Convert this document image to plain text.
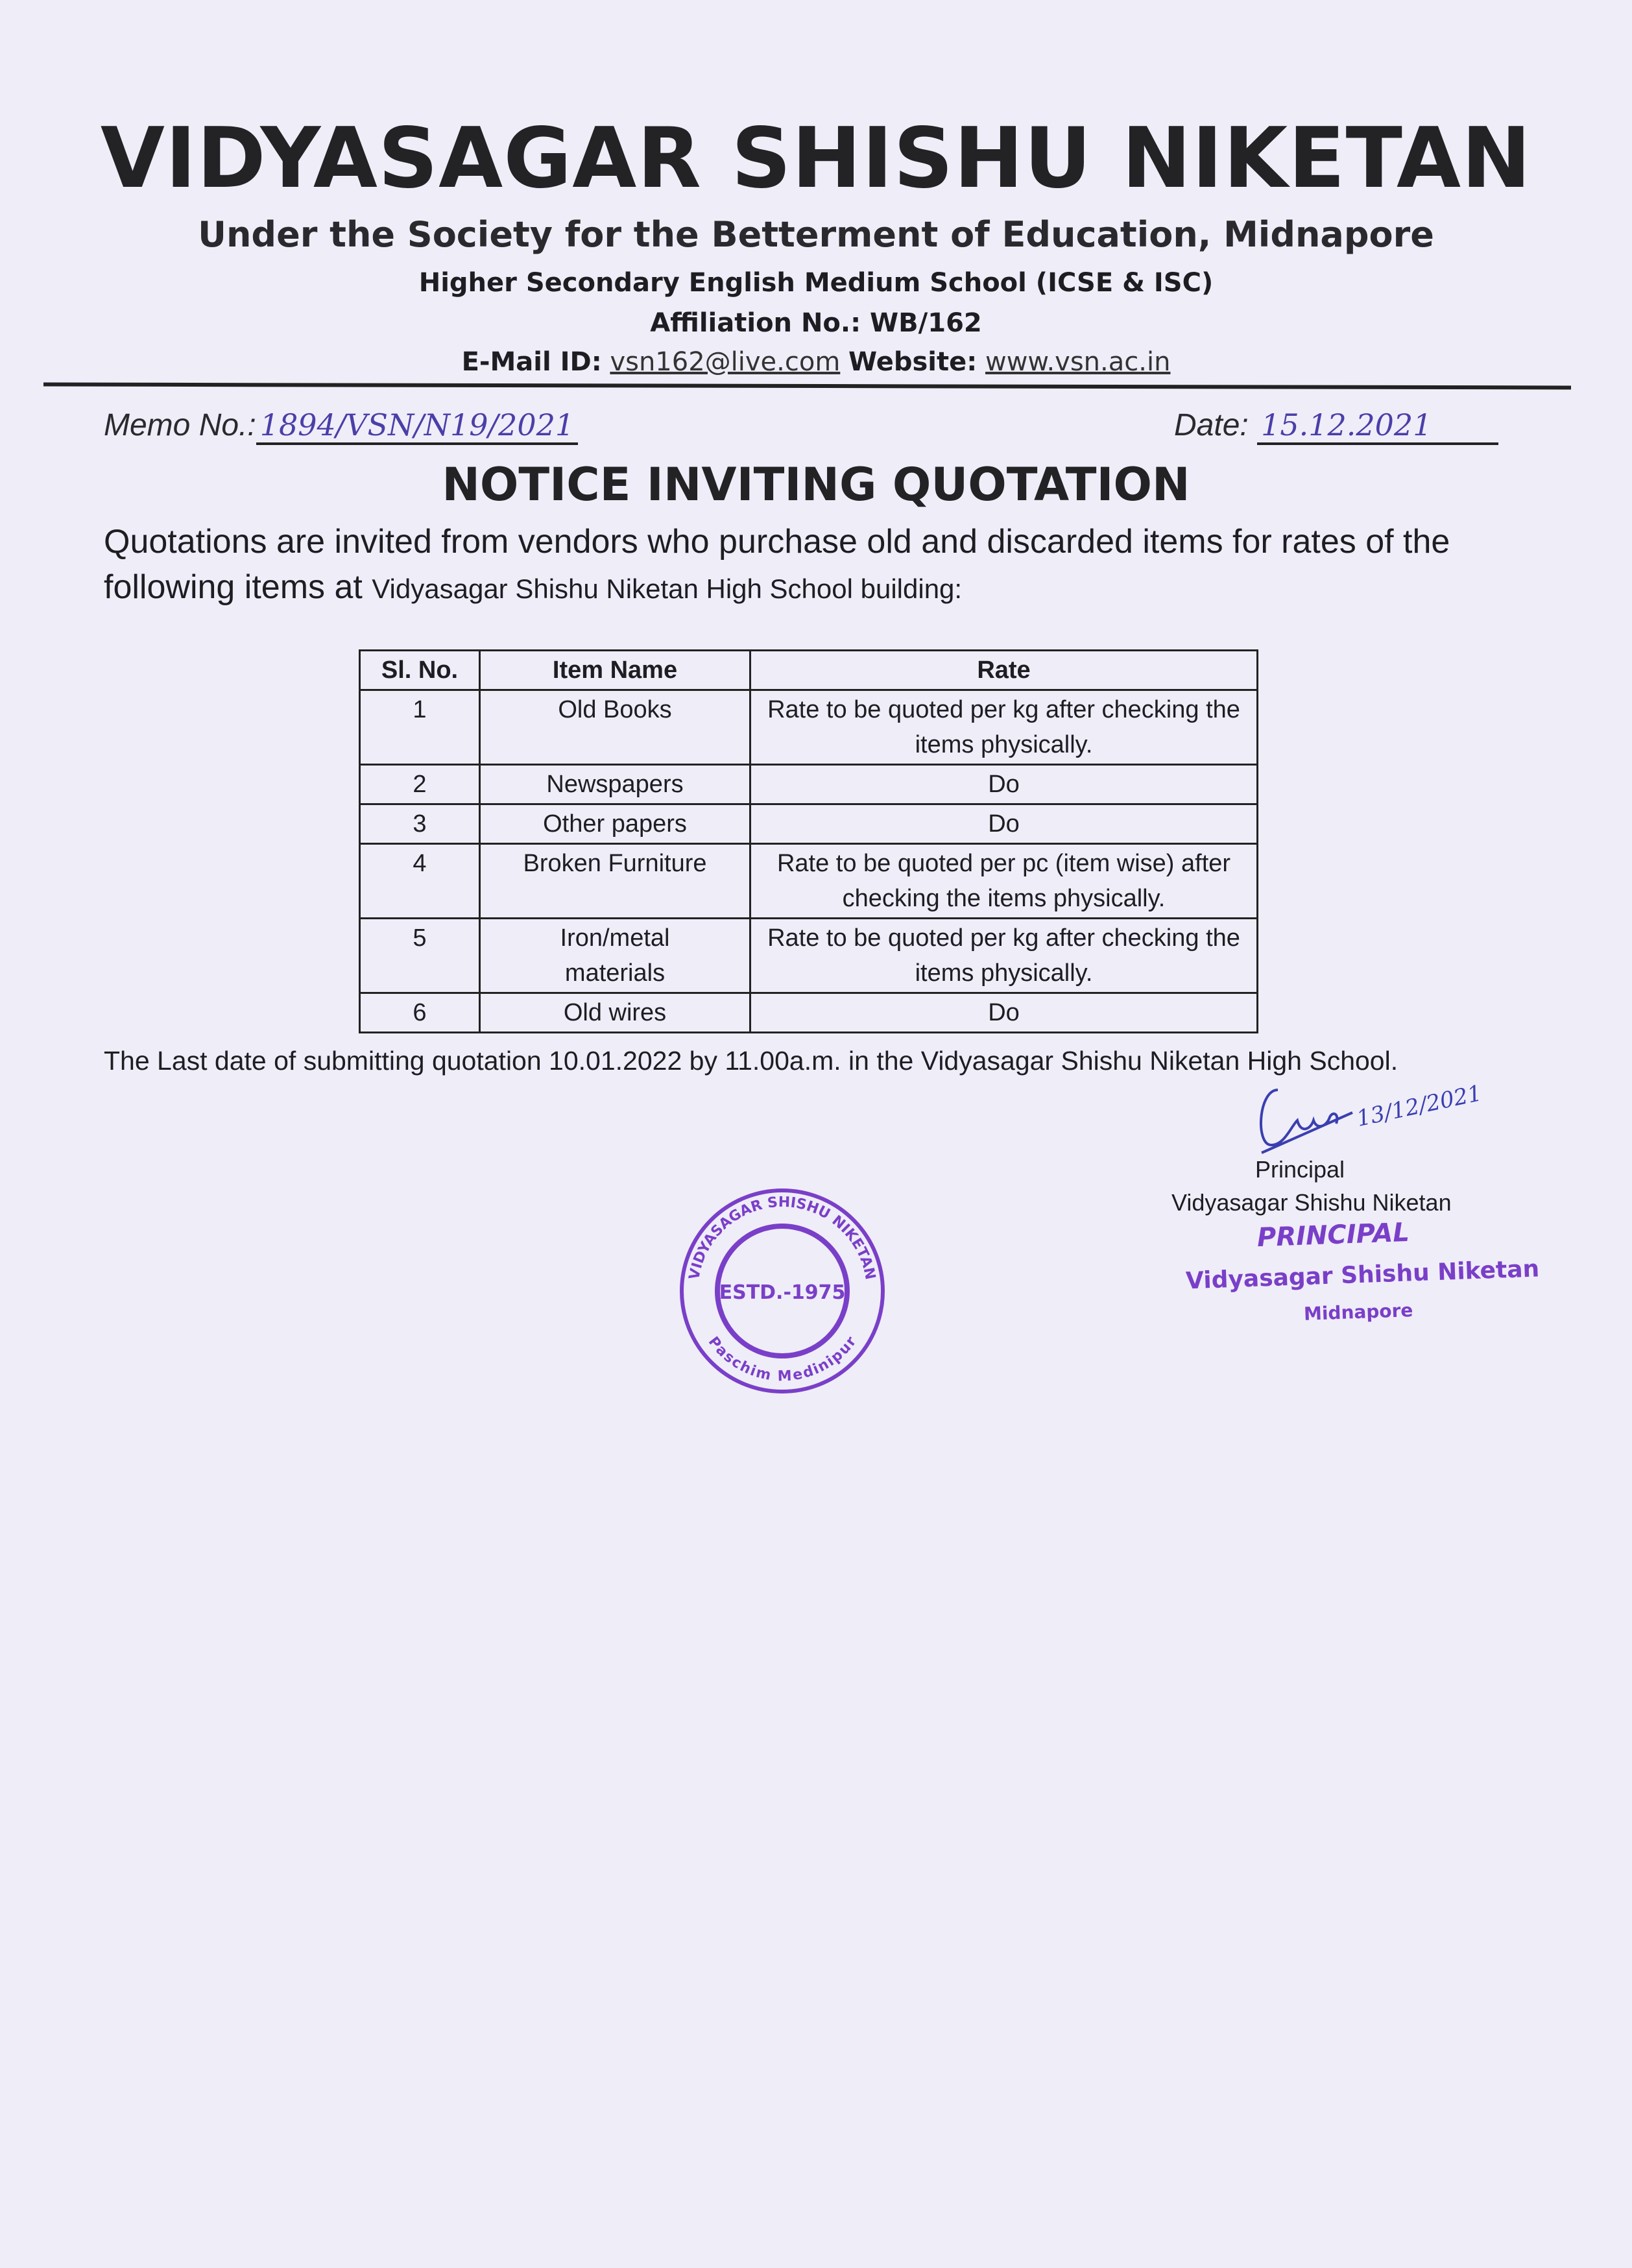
VIDYASAGAR SHISHU NIKETAN
Under the Society for the Betterment of Education, Midnapore
Higher Secondary English Medium School (ICSE & ISC)
Affiliation No.: WB/162
E-Mail ID: vsn162@live.com Website: www.vsn.ac.in
Memo No.: 1894/VSN/N19/2021	Date: 15.12.2021
NOTICE INVITING QUOTATION
Quotations are invited from vendors who purchase old and discarded items for rates of the following items at Vidyasagar Shishu Niketan High School building:
Sl. No.	Item Name	Rate
1	Old Books	Rate to be quoted per kg after checking the items physically.
2	Newspapers	Do
3	Other papers	Do
4	Broken Furniture	Rate to be quoted per pc (item wise) after checking the items physically.
5	Iron/metal materials	Rate to be quoted per kg after checking the items physically.
6	Old wires	Do
The Last date of submitting quotation 10.01.2022 by 11.00a.m. in the Vidyasagar Shishu Niketan High School.
13/12/2021
Principal
Vidyasagar Shishu Niketan
PRINCIPAL
Vidyasagar Shishu Niketan
Midnapore
VIDYASAGAR SHISHU NIKETAN
Paschim Medinipur
ESTD.-1975
